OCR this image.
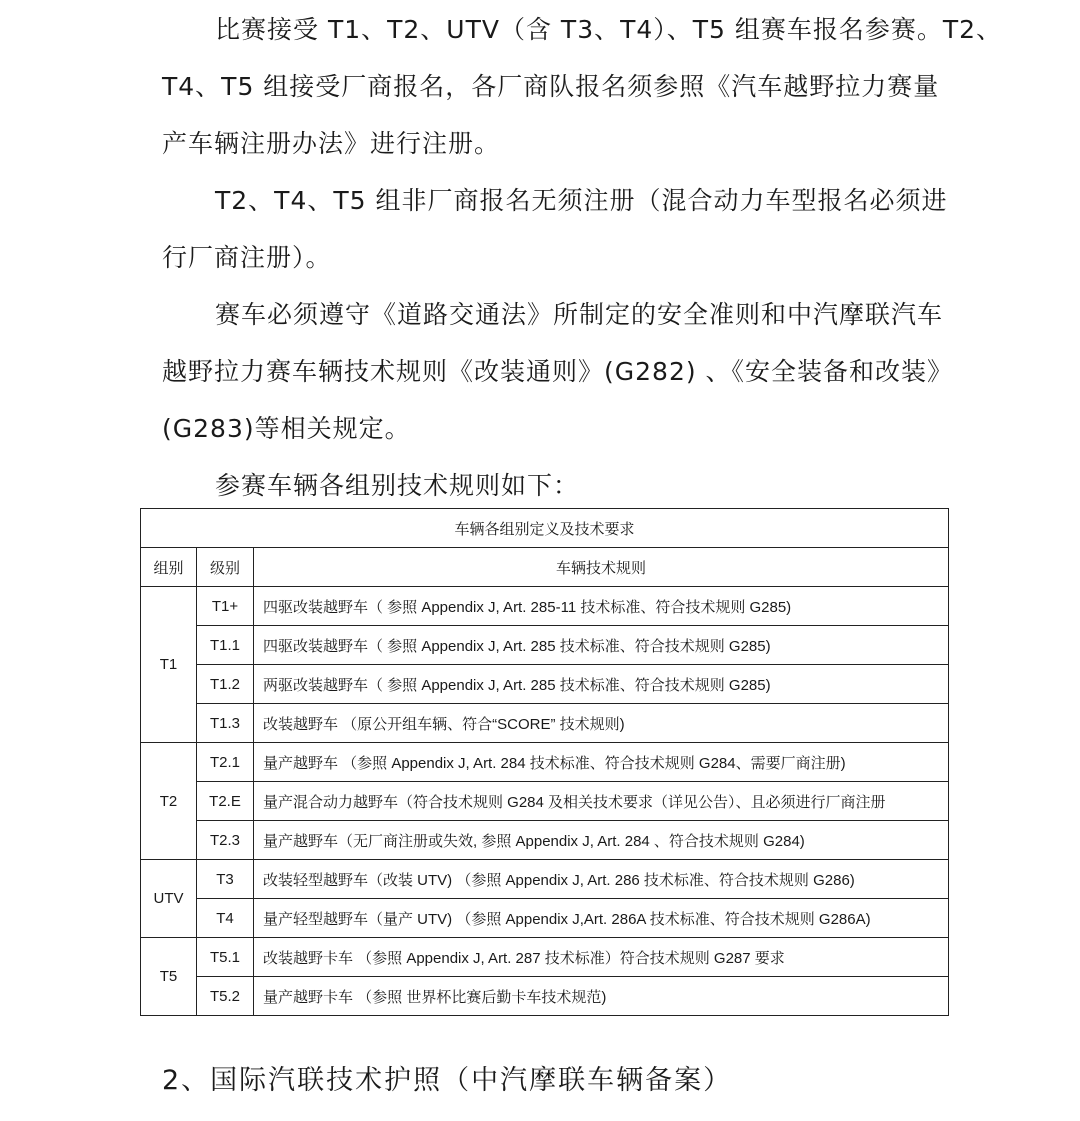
比赛接受 T1、T2、UTV（含 T3、T4）、T5 组赛车报名参赛。T2、
T4、T5 组接受厂商报名，各厂商队报名须参照《汽车越野拉力赛量
产车辆注册办法》进行注册。
T2、T4、T5 组非厂商报名无须注册（混合动力车型报名必须进
行厂商注册）。
赛车必须遵守《道路交通法》所制定的安全准则和中汽摩联汽车
越野拉力赛车辆技术规则《改装通则》(G282) 、《安全装备和改装》
(G283)等相关规定。
参赛车辆各组别技术规则如下：
车辆各组别定义及技术要求		
组别	级别	车辆技术规则
T1	T1+	四驱改装越野车（ 参照 Appendix J, Art. 285-11 技术标准、符合技术规则 G285)
	T1.1	四驱改装越野车（ 参照 Appendix J, Art. 285 技术标准、符合技术规则 G285)
	T1.2	两驱改装越野车（ 参照 Appendix J, Art. 285 技术标准、符合技术规则 G285)
	T1.3	改装越野车 （原公开组车辆、符合“SCORE” 技术规则)
T2	T2.1	量产越野车 （参照 Appendix J, Art. 284 技术标准、符合技术规则 G284、需要厂商注册)
	T2.E	量产混合动力越野车（符合技术规则 G284 及相关技术要求（详见公告）、且必须进行厂商注册
	T2.3	量产越野车（无厂商注册或失效, 参照 Appendix J, Art. 284 、符合技术规则 G284)
UTV	T3	改装轻型越野车（改装 UTV) （参照 Appendix J, Art. 286 技术标准、符合技术规则 G286)
	T4	量产轻型越野车（量产 UTV) （参照 Appendix J,Art. 286A 技术标准、符合技术规则 G286A)
T5	T5.1	改装越野卡车 （参照 Appendix J, Art. 287 技术标准）符合技术规则 G287 要求
	T5.2	量产越野卡车 （参照 世界杯比赛后勤卡车技术规范)
2、国际汽联技术护照（中汽摩联车辆备案）
